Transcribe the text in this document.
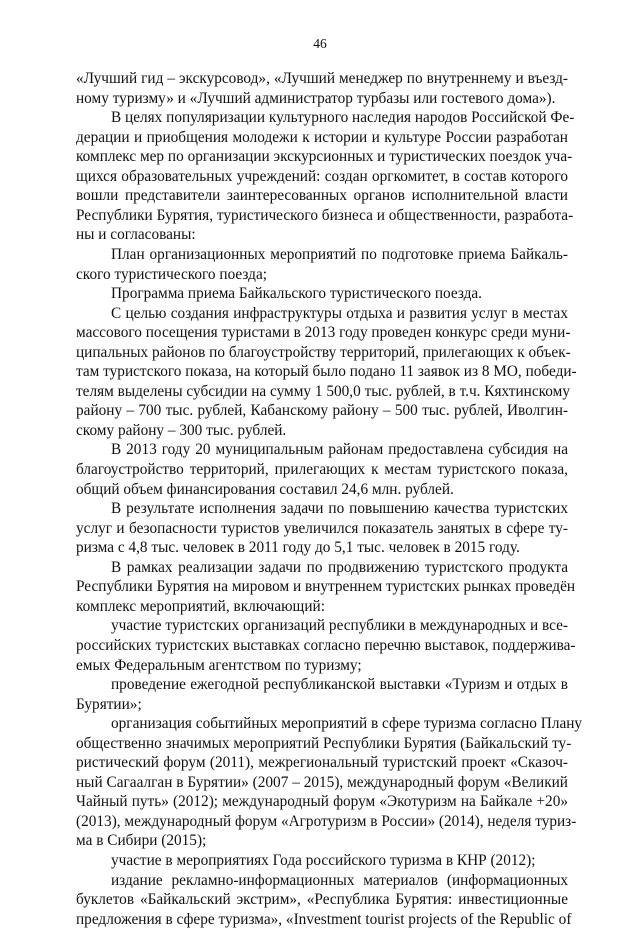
46
«Лучший гид – экскурсовод», «Лучший менеджер по внутреннему и въезд-
ному туризму» и «Лучший администратор турбазы или гостевого дома»).
В целях популяризации культурного наследия народов Российской Фе-
дерации и приобщения молодежи к истории и культуре России разработан
комплекс мер по организации экскурсионных и туристических поездок уча-
щихся образовательных учреждений: создан оргкомитет, в состав которого
вошли представители заинтересованных органов исполнительной власти
Республики Бурятия, туристического бизнеса и общественности, разработа-
ны и согласованы:
План организационных мероприятий по подготовке приема Байкаль-
ского туристического поезда;
Программа приема Байкальского туристического поезда.
С целью создания инфраструктуры отдыха и развития услуг в местах
массового посещения туристами в 2013 году проведен конкурс среди муни-
ципальных районов по благоустройству территорий, прилегающих к объек-
там туристского показа, на который было подано 11 заявок из 8 МО, победи-
телям выделены субсидии на сумму 1 500,0 тыс. рублей, в т.ч. Кяхтинскому
району – 700 тыс. рублей, Кабанскому району – 500 тыс. рублей, Иволгин-
скому району – 300 тыс. рублей.
В 2013 году 20 муниципальным районам предоставлена субсидия на
благоустройство территорий, прилегающих к местам туристского показа,
общий объем финансирования составил 24,6 млн. рублей.
В результате исполнения задачи по повышению качества туристских
услуг и безопасности туристов увеличился показатель занятых в сфере ту-
ризма с 4,8 тыс. человек в 2011 году до 5,1 тыс. человек в 2015 году.
В рамках реализации задачи по продвижению туристского продукта
Республики Бурятия на мировом и внутреннем туристских рынках проведён
комплекс мероприятий, включающий:
участие туристских организаций республики в международных и все-
российских туристских выставках согласно перечню выставок, поддержива-
емых Федеральным агентством по туризму;
проведение ежегодной республиканской выставки «Туризм и отдых в
Бурятии»;
организация событийных мероприятий в сфере туризма согласно Плану
общественно значимых мероприятий Республики Бурятия (Байкальский ту-
ристический форум (2011), межрегиональный туристский проект «Сказоч-
ный Сагаалган в Бурятии» (2007 – 2015), международный форум «Великий
Чайный путь» (2012); международный форум «Экотуризм на Байкале +20»
(2013), международный форум «Агротуризм в России» (2014), неделя туриз-
ма в Сибири (2015);
участие в мероприятиях Года российского туризма в КНР (2012);
издание рекламно-информационных материалов (информационных
буклетов «Байкальский экстрим», «Республика Бурятия: инвестиционные
предложения в сфере туризма», «Investment tourist projects of the Republic of
